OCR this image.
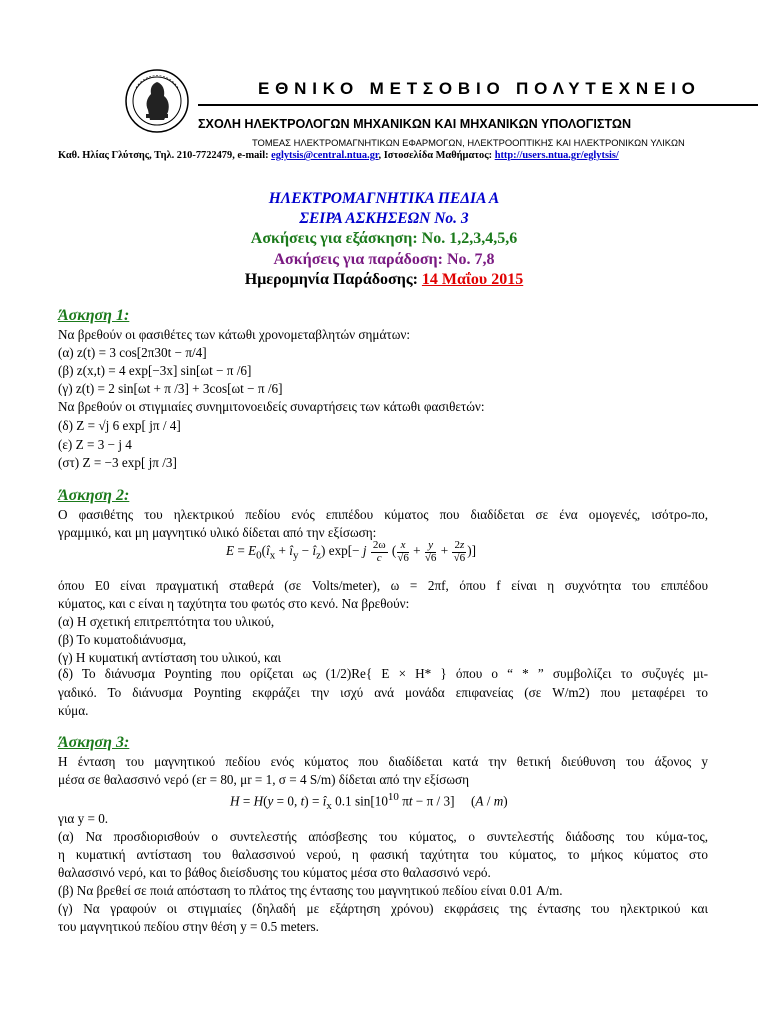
ΕΘΝΙΚΟ ΜΕΤΣΟΒΙΟ ΠΟΛΥΤΕΧΝΕΙΟ
ΣΧΟΛΗ ΗΛΕΚΤΡΟΛΟΓΩΝ ΜΗΧΑΝΙΚΩΝ ΚΑΙ ΜΗΧΑΝΙΚΩΝ ΥΠΟΛΟΓΙΣΤΩΝ
ΤΟΜΕΑΣ ΗΛΕΚΤΡΟΜΑΓΝΗΤΙΚΩΝ ΕΦΑΡΜΟΓΩΝ, ΗΛΕΚΤΡΟΟΠΤΙΚΗΣ ΚΑΙ ΗΛΕΚΤΡΟΝΙΚΩΝ ΥΛΙΚΩΝ
Καθ. Ηλίας Γλύτσης, Τηλ. 210-7722479, e-mail: eglytsis@central.ntua.gr, Ιστοσελίδα Μαθήματος: http://users.ntua.gr/eglytsis/
ΗΛΕΚΤΡΟΜΑΓΝΗΤΙΚΑ ΠΕΔΙΑ Α
ΣΕΙΡΑ ΑΣΚΗΣΕΩΝ No. 3
Ασκήσεις για εξάσκηση: No. 1,2,3,4,5,6
Ασκήσεις για παράδοση: No. 7,8
Ημερομηνία Παράδοσης: 14 Μαΐου 2015
Άσκηση 1:
Να βρεθούν οι φασιθέτες των κάτωθι χρονομεταβλητών σημάτων:
(α) z(t) = 3 cos[2π30t − π/4]
(β) z(x,t) = 4 exp[−3x] sin[ωt − π /6]
(γ) z(t) = 2 sin[ωt + π /3] + 3cos[ωt − π /6]
Να βρεθούν οι στιγμιαίες συνημιτονοειδείς συναρτήσεις των κάτωθι φασιθετών:
(δ) Z = √j 6 exp[ jπ / 4]
(ε) Z = 3 − j 4
(στ) Z = −3 exp[ jπ /3]
Άσκηση 2:
Ο φασιθέτης του ηλεκτρικού πεδίου ενός επιπέδου κύματος που διαδίδεται σε ένα ομογενές, ισότρο-πο,
γραμμικό, και μη μαγνητικό υλικό δίδεται από την εξίσωση:
$E = E_0(î_x$ + $î_y$ − $î_z$) exp[− j $\frac{2\omega}{c}$ ( $\frac{x}{√6} + \frac{y}{√6} + \frac{2z}{√6}$ )]
όπου E0 είναι πραγματική σταθερά (σε Volts/meter), ω = 2πf, όπου f είναι η συχνότητα του επιπέδου
κύματος, και c είναι η ταχύτητα του φωτός στο κενό. Να βρεθούν:
(α) Η σχετική επιτρεπτότητα του υλικού,
(β) Το κυματοδιάνυσμα,
(γ) Η κυματική αντίσταση του υλικού, και
(δ) Το διάνυσμα Poynting που ορίζεται ως (1/2)Re{ E × H* } όπου ο “ * ” συμβολίζει το συζυγές μι-
γαδικό. Το διάνυσμα Poynting εκφράζει την ισχύ ανά μονάδα επιφανείας (σε W/m2) που μεταφέρει το
κύμα.
Άσκηση 3:
Η ένταση του μαγνητικού πεδίου ενός κύματος που διαδίδεται κατά την θετική διεύθυνση του άξονος y
μέσα σε θαλασσινό νερό (εr = 80, μr = 1, σ = 4 S/m) δίδεται από την εξίσωση
H = H(y = 0, $t) = î_x$ 0.1 $\sin[10^{10}$ πt − π / 3]     (A / m)
για y = 0.
(α) Να προσδιορισθούν ο συντελεστής απόσβεσης του κύματος, ο συντελεστής διάδοσης του κύμα-τος,
η κυματική αντίσταση του θαλασσινού νερού, η φασική ταχύτητα του κύματος, το μήκος κύματος στο
θαλασσινό νερό, και το βάθος διείσδυσης του κύματος μέσα στο θαλασσινό νερό.
(β) Να βρεθεί σε ποιά απόσταση το πλάτος της έντασης του μαγνητικού πεδίου είναι 0.01 A/m.
(γ) Να γραφούν οι στιγμιαίες (δηλαδή με εξάρτηση χρόνου) εκφράσεις της έντασης του ηλεκτρικού και
του μαγνητικού πεδίου στην θέση y = 0.5 meters.
